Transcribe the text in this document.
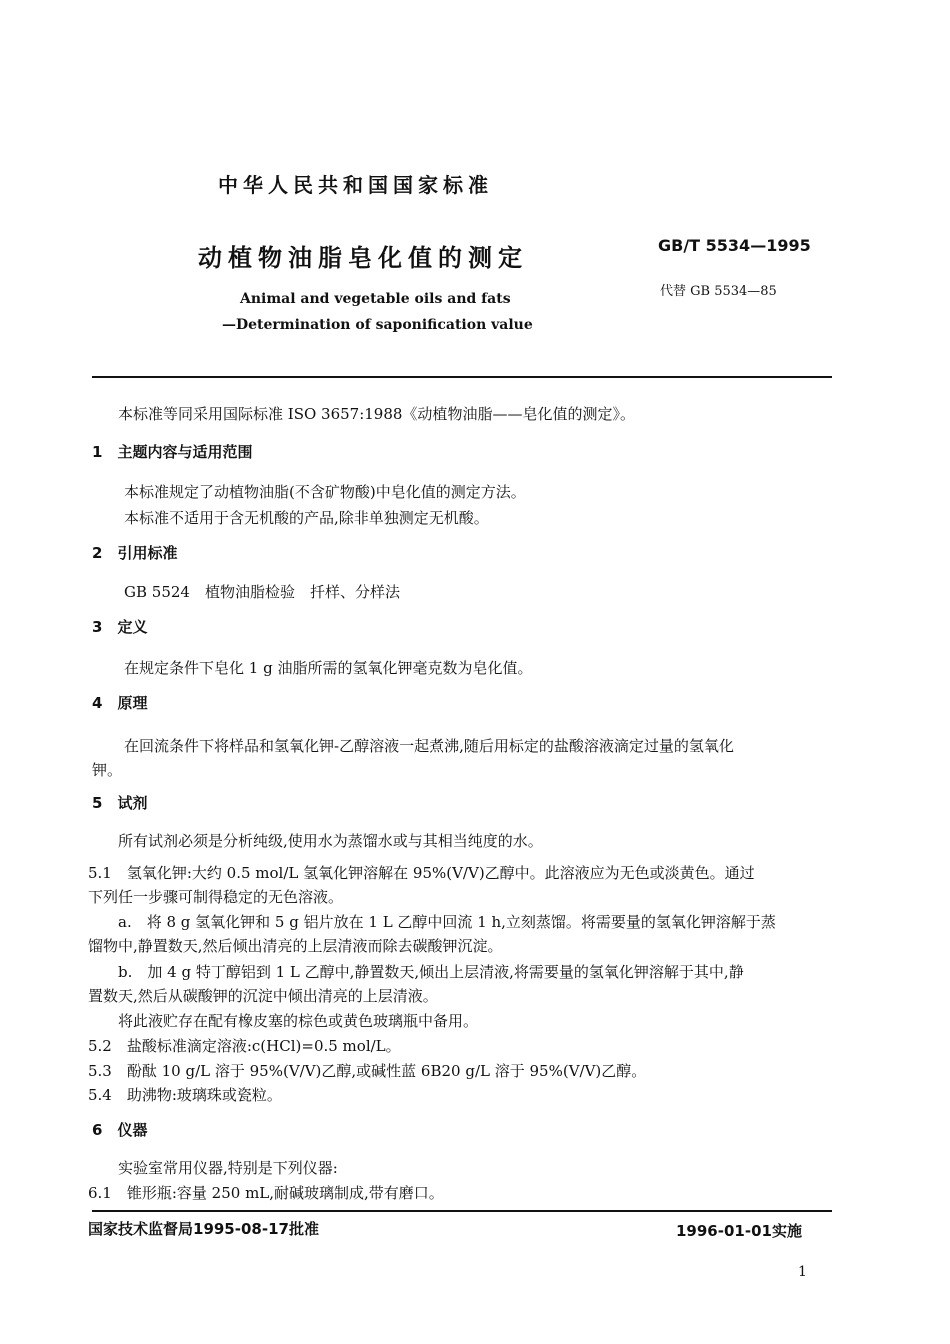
中华人民共和国国家标准
动植物油脂皂化值的测定	GB/T 5534—1995
代替 GB 5534—85
Animal and vegetable oils and fats
—Determination of saponification value
本标准等同采用国际标准 ISO 3657:1988《动植物油脂——皂化值的测定》。
1　 主题内容与适用范围
本标准规定了动植物油脂(不含矿物酸)中皂化值的测定方法。
本标准不适用于含无机酸的产品,除非单独测定无机酸。
2　 引用标准
GB 5524　植物油脂检验　扦样、分样法
3　 定义
在规定条件下皂化 1 g 油脂所需的氢氧化钾毫克数为皂化值。
4　 原理
在回流条件下将样品和氢氧化钾-乙醇溶液一起煮沸,随后用标定的盐酸溶液滴定过量的氢氧化
钾。
5　 试剂
所有试剂必须是分析纯级,使用水为蒸馏水或与其相当纯度的水。
5.1　氢氧化钾:大约 0.5 mol/L 氢氧化钾溶解在 95%(V/V)乙醇中。此溶液应为无色或淡黄色。通过
下列任一步骤可制得稳定的无色溶液。
a.　将 8 g 氢氧化钾和 5 g 铝片放在 1 L 乙醇中回流 1 h,立刻蒸馏。将需要量的氢氧化钾溶解于蒸
馏物中,静置数天,然后倾出清亮的上层清液而除去碳酸钾沉淀。
b.　加 4 g 特丁醇铝到 1 L 乙醇中,静置数天,倾出上层清液,将需要量的氢氧化钾溶解于其中,静
置数天,然后从碳酸钾的沉淀中倾出清亮的上层清液。
将此液贮存在配有橡皮塞的棕色或黄色玻璃瓶中备用。
5.2　盐酸标准滴定溶液:c(HCl)=0.5 mol/L。
5.3　酚酞 10 g/L 溶于 95%(V/V)乙醇,或碱性蓝 6B20 g/L 溶于 95%(V/V)乙醇。
5.4　助沸物:玻璃珠或瓷粒。
6　 仪器
实验室常用仪器,特别是下列仪器:
6.1　锥形瓶:容量 250 mL,耐碱玻璃制成,带有磨口。
国家技术监督局1995-08-17批准	1996-01-01实施
1
